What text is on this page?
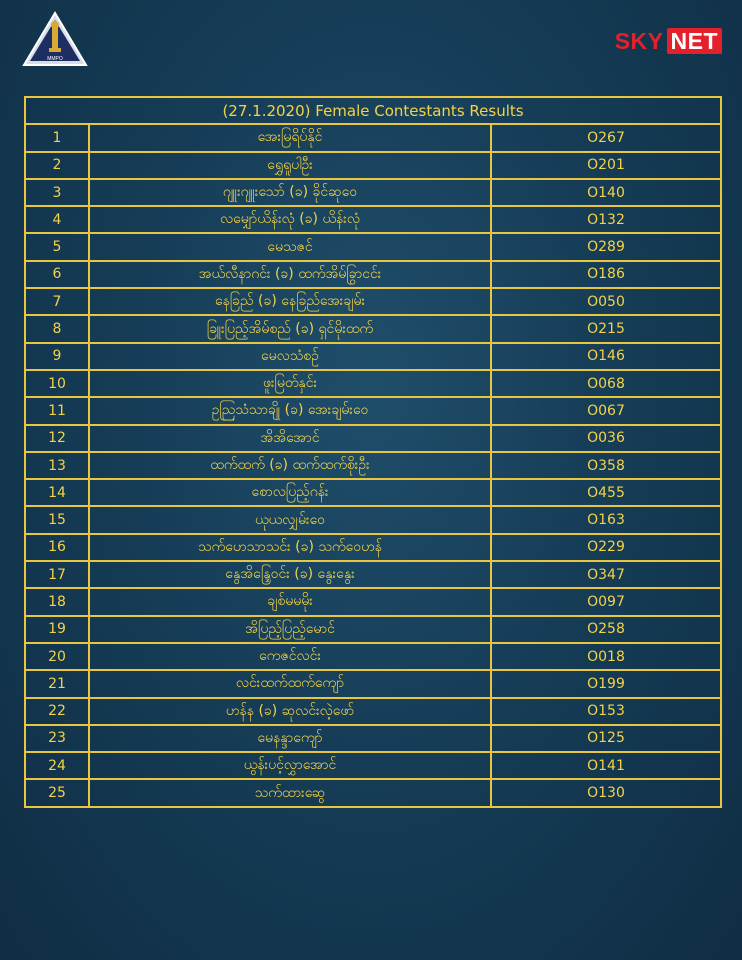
MMPO
SKY NET
(27.1.2020) Female Contestants Results		
1	အေးမြရိပ်နိုင်	O267
2	ရွှေရူပါဦး	O201
3	ဂျူးဂျူးသော် (ခ) ခိုင်ဆုဝေ	O140
4	လမျှော်ယိန်းလုံ (ခ) ယိန်းလုံ	O132
5	မေသဇင်	O289
6	အယ်လီနာဂင်း (ခ) ထက်အိမ်ခြွာငင်း	O186
7	နေခြည် (ခ) နေခြည်အေးချမ်း	O050
8	ခြူးပြည့်အိမ်စည် (ခ) ရှင်မိုးထက်	O215
9	မေလသံစဉ်	O146
10	ဖူးမြတ်နှင်း	O068
11	ဥညြသံသာချို (ခ) အေးချမ်းဝေ	O067
12	အိအိအောင်	O036
13	ထက်ထက် (ခ) ထက်ထက်စိုးဦး	O358
14	စောလပြည့်ဂန်း	O455
15	ယုယလျှမ်းဝေ	O163
16	သက်ဟေသာသင်း (ခ) သက်ဝေဟန်	O229
17	နွေအိန္ဒြေဝင်း (ခ) နွေးနွေး	O347
18	ချစ်မမမိုး	O097
19	အိပြည့်ပြည့်မောင်	O258
20	ကေဇင်လင်း	O018
21	လင်းထက်ထက်ကျော်	O199
22	ဟန်န (ခ) ဆုလင်းလဲ့ဖော်	O153
23	မေနန္ဒာကျော်	O125
24	ယွန်းပင့်လွှာအောင်	O141
25	သက်ထားဆွေ	O130
